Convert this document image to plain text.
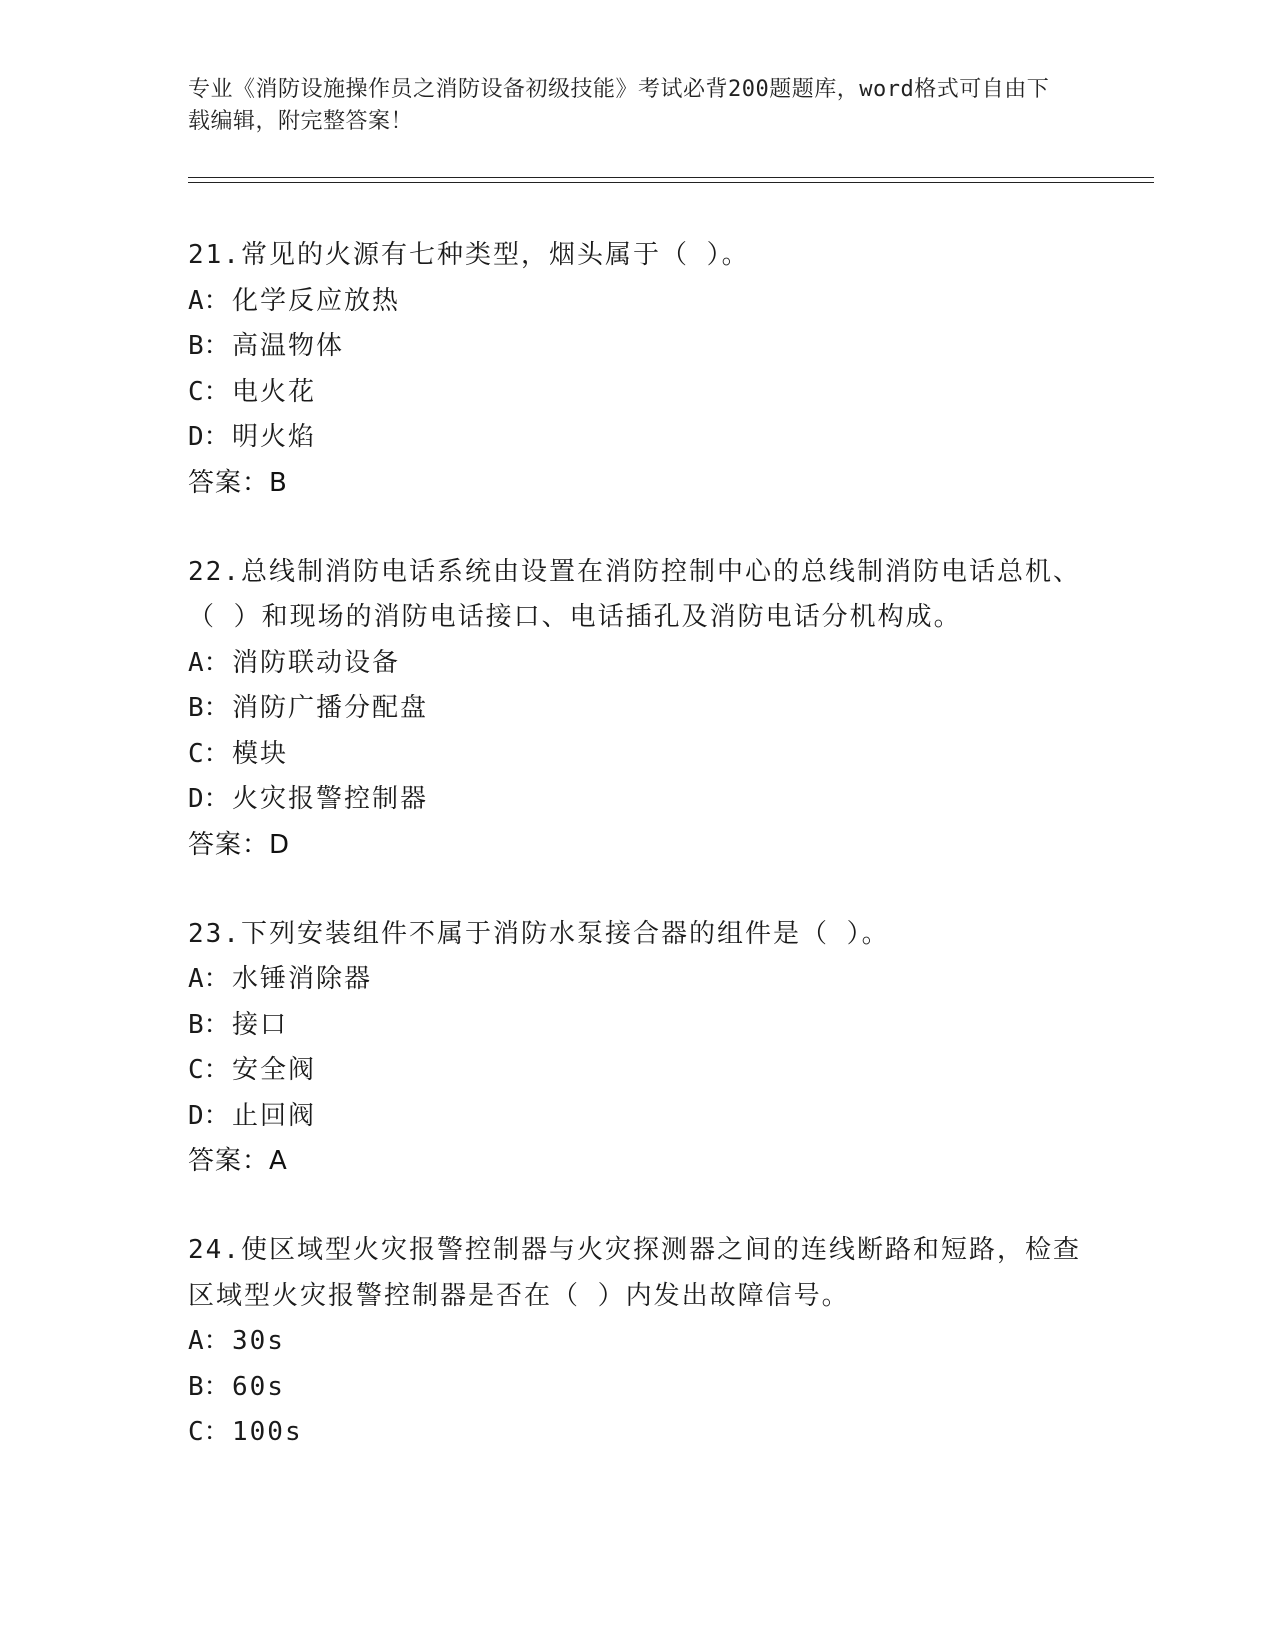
专业《消防设施操作员之消防设备初级技能》考试必背200题题库，word格式可自由下载编辑，附完整答案！
21.常见的火源有七种类型，烟头属于（ ）。
A：化学反应放热
B：高温物体
C：电火花
D：明火焰
答案：B
22.总线制消防电话系统由设置在消防控制中心的总线制消防电话总机、（ ）和现场的消防电话接口、电话插孔及消防电话分机构成。
A：消防联动设备
B：消防广播分配盘
C：模块
D：火灾报警控制器
答案：D
23.下列安装组件不属于消防水泵接合器的组件是（ ）。
A：水锤消除器
B：接口
C：安全阀
D：止回阀
答案：A
24.使区域型火灾报警控制器与火灾探测器之间的连线断路和短路，检查区域型火灾报警控制器是否在（ ）内发出故障信号。
A：30s
B：60s
C：100s
